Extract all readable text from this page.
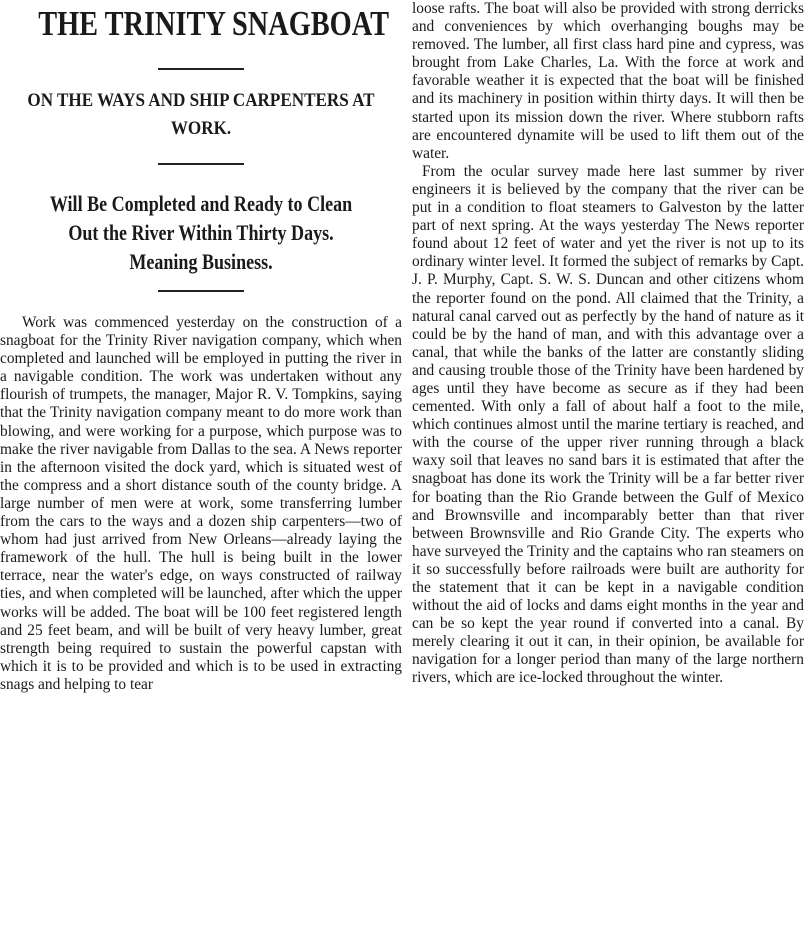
THE TRINITY SNAGBOAT
ON THE WAYS AND SHIP CARPENTERS AT WORK.
Will Be Completed and Ready to Clean Out the River Within Thirty Days. Meaning Business.

Work was commenced yesterday on the construction of a snagboat for the Trinity River navigation company, which when completed and launched will be employed in putting the river in a navigable condition. The work was undertaken without any flourish of trumpets, the manager, Major R. V. Tompkins, saying that the Trinity navigation company meant to do more work than blowing, and were working for a purpose, which purpose was to make the river navigable from Dallas to the sea. A News reporter in the afternoon visited the dock yard, which is situated west of the compress and a short distance south of the county bridge. A large number of men were at work, some transferring lumber from the cars to the ways and a dozen ship carpenters—two of whom had just arrived from New Orleans—already laying the framework of the hull. The hull is being built in the lower terrace, near the water's edge, on ways constructed of railway ties, and when completed will be launched, after which the upper works will be added. The boat will be 100 feet registered length and 25 feet beam, and will be built of very heavy lumber, great strength being required to sustain the powerful capstan with which it is to be provided and which is to be used in extracting snags and helping to tear

loose rafts. The boat will also be provided with strong derricks and conveniences by which overhanging boughs may be removed. The lumber, all first class hard pine and cypress, was brought from Lake Charles, La. With the force at work and favorable weather it is expected that the boat will be finished and its machinery in position within thirty days. It will then be started upon its mission down the river. Where stubborn rafts are encountered dynamite will be used to lift them out of the water.

From the ocular survey made here last summer by river engineers it is believed by the company that the river can be put in a condition to float steamers to Galveston by the latter part of next spring. At the ways yesterday The News reporter found about 12 feet of water and yet the river is not up to its ordinary winter level. It formed the subject of remarks by Capt. J. P. Murphy, Capt. S. W. S. Duncan and other citizens whom the reporter found on the pond. All claimed that the Trinity, a natural canal carved out as perfectly by the hand of nature as it could be by the hand of man, and with this advantage over a canal, that while the banks of the latter are constantly sliding and causing trouble those of the Trinity have been hardened by ages until they have become as secure as if they had been cemented. With only a fall of about half a foot to the mile, which continues almost until the marine tertiary is reached, and with the course of the upper river running through a black waxy soil that leaves no sand bars it is estimated that after the snagboat has done its work the Trinity will be a far better river for boating than the Rio Grande between the Gulf of Mexico and Brownsville and incomparably better than that river between Brownsville and Rio Grande City. The experts who have surveyed the Trinity and the captains who ran steamers on it so successfully before railroads were built are authority for the statement that it can be kept in a navigable condition without the aid of locks and dams eight months in the year and can be so kept the year round if converted into a canal. By merely clearing it out it can, in their opinion, be available for navigation for a longer period than many of the large northern rivers, which are ice-locked throughout the winter.
